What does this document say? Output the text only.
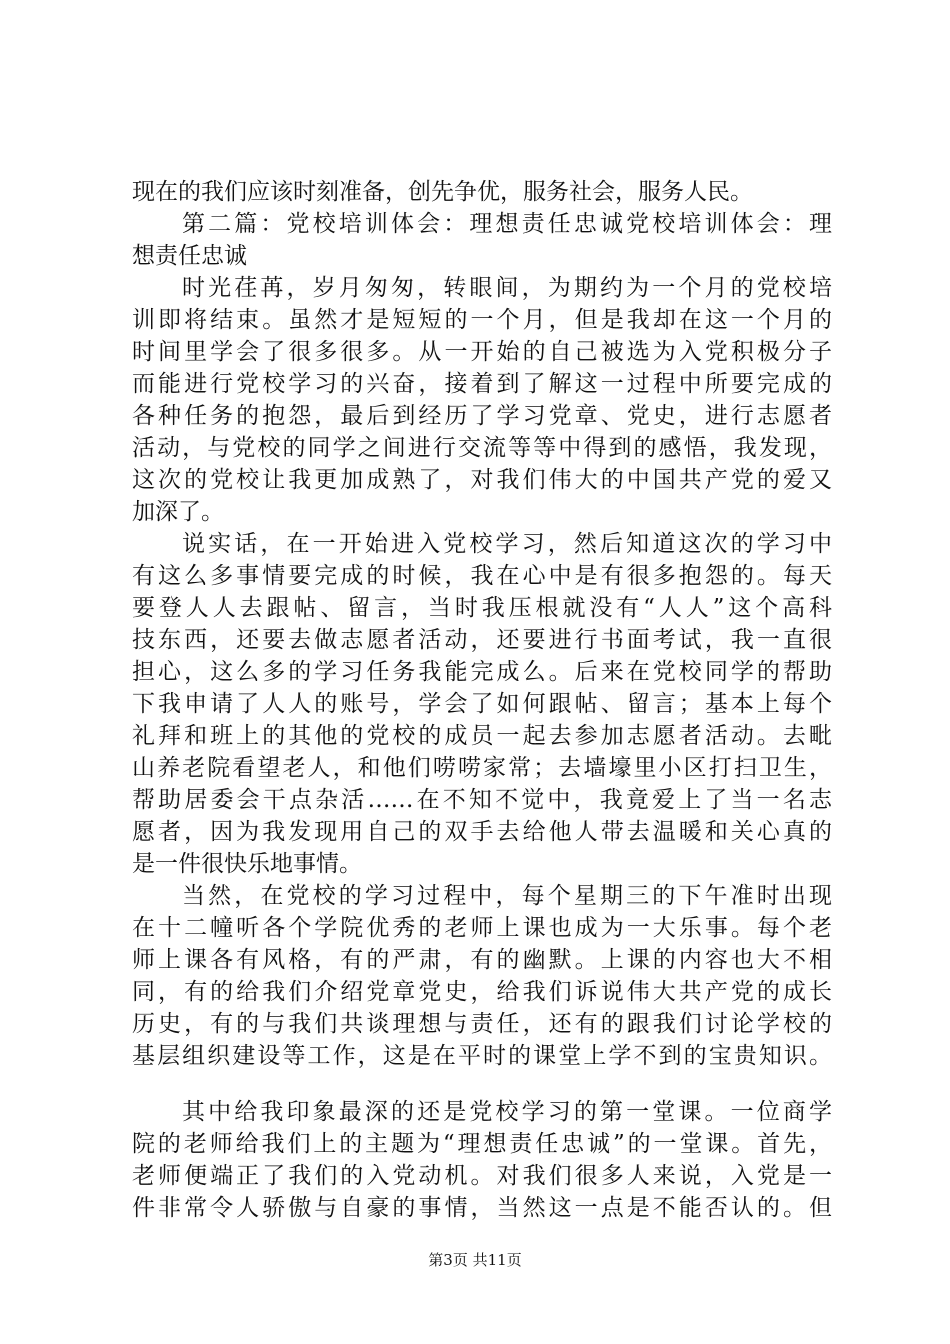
现在的我们应该时刻准备，创先争优，服务社会，服务人民。
第二篇：党校培训体会：理想责任忠诚党校培训体会：理
想责任忠诚
时光荏苒，岁月匆匆，转眼间，为期约为一个月的党校培
训即将结束。虽然才是短短的一个月，但是我却在这一个月的
时间里学会了很多很多。从一开始的自己被选为入党积极分子
而能进行党校学习的兴奋，接着到了解这一过程中所要完成的
各种任务的抱怨，最后到经历了学习党章、党史，进行志愿者
活动，与党校的同学之间进行交流等等中得到的感悟，我发现，
这次的党校让我更加成熟了，对我们伟大的中国共产党的爱又
加深了。
说实话，在一开始进入党校学习，然后知道这次的学习中
有这么多事情要完成的时候，我在心中是有很多抱怨的。每天
要登人人去跟帖、留言，当时我压根就没有“人人”这个高科
技东西，还要去做志愿者活动，还要进行书面考试，我一直很
担心，这么多的学习任务我能完成么。后来在党校同学的帮助
下我申请了人人的账号，学会了如何跟帖、留言；基本上每个
礼拜和班上的其他的党校的成员一起去参加志愿者活动。去毗
山养老院看望老人，和他们唠唠家常；去墙壕里小区打扫卫生，
帮助居委会干点杂活……在不知不觉中，我竟爱上了当一名志
愿者，因为我发现用自己的双手去给他人带去温暖和关心真的
是一件很快乐地事情。
当然，在党校的学习过程中，每个星期三的下午准时出现
在十二幢听各个学院优秀的老师上课也成为一大乐事。每个老
师上课各有风格，有的严肃，有的幽默。上课的内容也大不相
同，有的给我们介绍党章党史，给我们诉说伟大共产党的成长
历史，有的与我们共谈理想与责任，还有的跟我们讨论学校的
基层组织建设等工作，这是在平时的课堂上学不到的宝贵知识。
其中给我印象最深的还是党校学习的第一堂课。一位商学
院的老师给我们上的主题为“理想责任忠诚”的一堂课。首先，
老师便端正了我们的入党动机。对我们很多人来说，入党是一
件非常令人骄傲与自豪的事情，当然这一点是不能否认的。但
第3页 共11页
